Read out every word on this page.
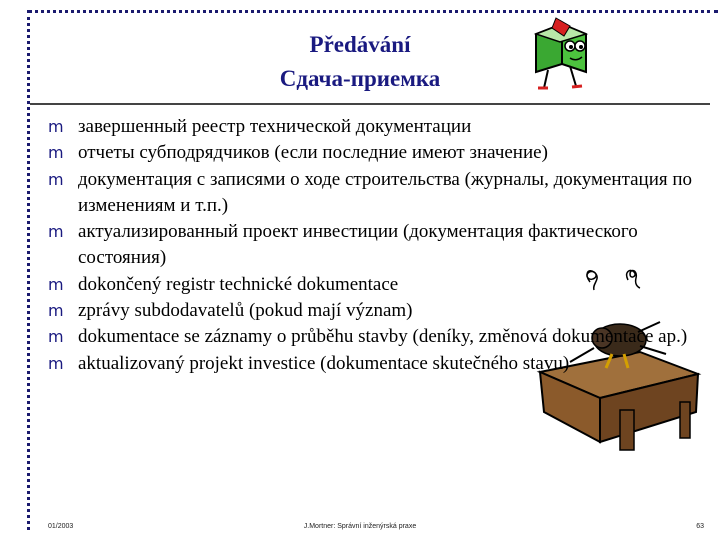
Předávání
Сдача-приемка
m завершенный реестр технической документации
m отчеты субподрядчиков (если последние имеют значение)
m документация с записями о ходе строительства (журналы, документация по изменениям и т.п.)
m актуализированный проект инвестиции (документация фактического состояния)
m dokončený registr technické dokumentace
m zprávy subdodavatelů (pokud mají význam)
m dokumentace se záznamy o průběhu stavby (deníky, změnová dokumentace ap.)
m aktualizovaný projekt investice (dokumentace skutečného stavu)
01/2003	J.Mortner: Správní inženýrská praxe	63
